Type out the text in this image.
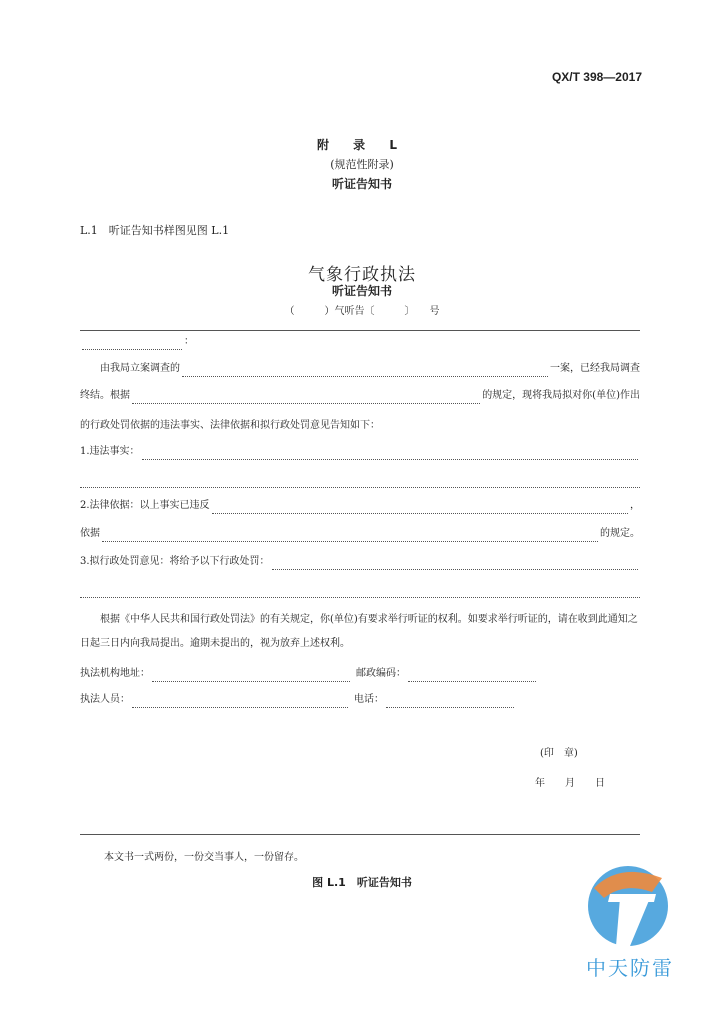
QX/T 398—2017
附 录 L
(规范性附录)
听证告知书
L.1　听证告知书样图见图 L.1
气象行政执法
听证告知书
（　　　）气听告〔　　　〕　　号
：
由我局立案调查的	一案，已经我局调查
终结。根据	的规定，现将我局拟对你(单位)作出
的行政处罚依据的违法事实、法律依据和拟行政处罚意见告知如下：
1.违法事实：
2.法律依据：以上事实已违反	，
依据	的规定。
3.拟行政处罚意见：将给予以下行政处罚：
根据《中华人民共和国行政处罚法》的有关规定，你(单位)有要求举行听证的权利。如要求举行听证的，请在收到此通知之日起三日内向我局提出。逾期未提出的，视为放弃上述权利。
执法机构地址：	邮政编码：
执法人员：	电话：
(印　章)
年　　月　　日
本文书一式两份，一份交当事人，一份留存。
图 L.1　听证告知书
中天防雷
